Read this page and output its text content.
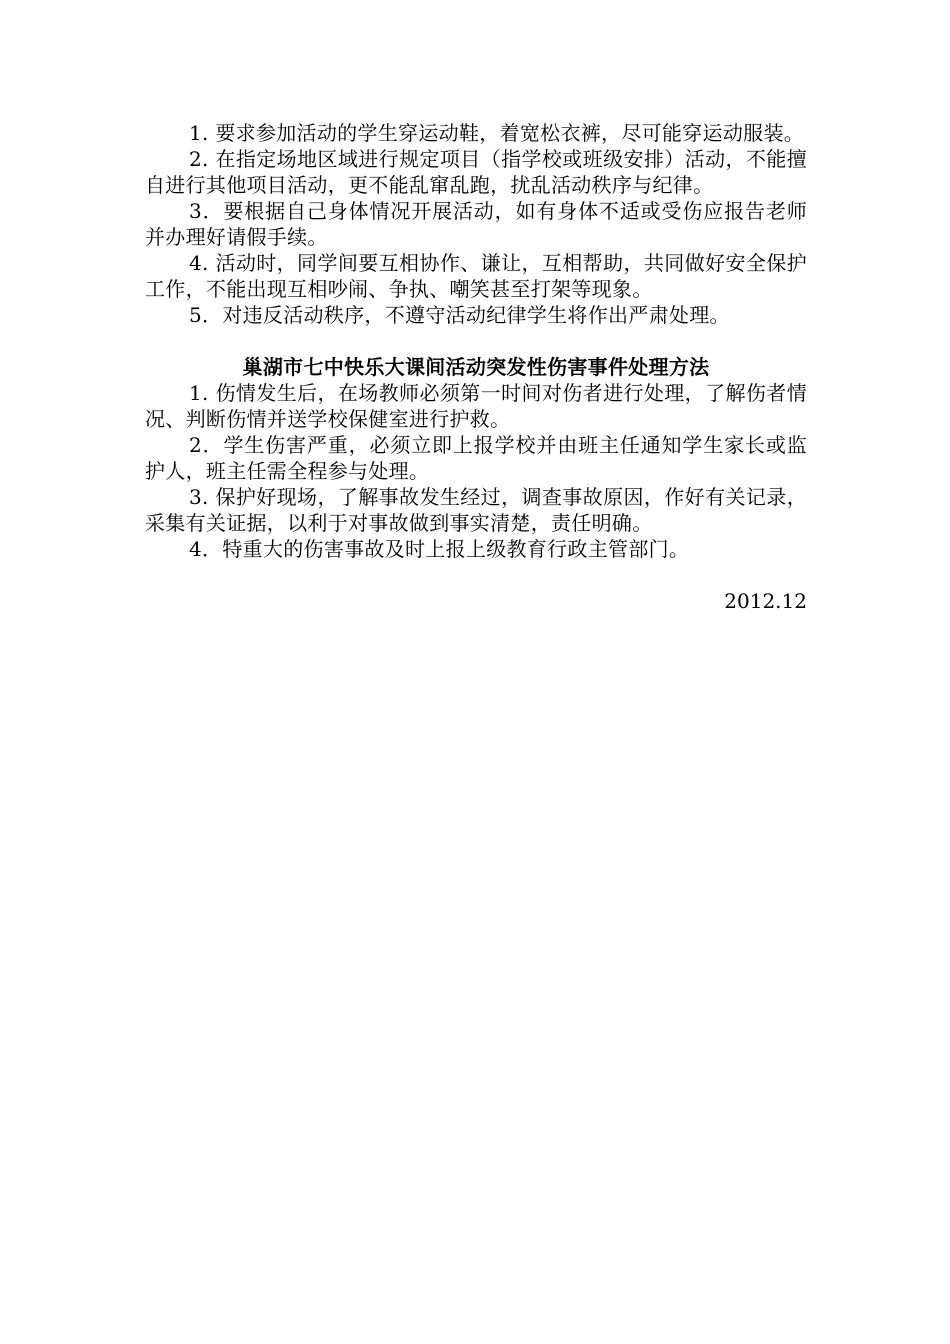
1. 要求参加活动的学生穿运动鞋，着宽松衣裤，尽可能穿运动服装。

2. 在指定场地区域进行规定项目（指学校或班级安排）活动，不能擅自进行其他项目活动，更不能乱窜乱跑，扰乱活动秩序与纪律。

3．要根据自己身体情况开展活动，如有身体不适或受伤应报告老师并办理好请假手续。

4. 活动时，同学间要互相协作、谦让，互相帮助，共同做好安全保护工作，不能出现互相吵闹、争执、嘲笑甚至打架等现象。

5．对违反活动秩序，不遵守活动纪律学生将作出严肃处理。

巢湖市七中快乐大课间活动突发性伤害事件处理方法

1. 伤情发生后，在场教师必须第一时间对伤者进行处理，了解伤者情况、判断伤情并送学校保健室进行护救。

2．学生伤害严重，必须立即上报学校并由班主任通知学生家长或监护人，班主任需全程参与处理。

3. 保护好现场，了解事故发生经过，调查事故原因，作好有关记录，采集有关证据，以利于对事故做到事实清楚，责任明确。

4．特重大的伤害事故及时上报上级教育行政主管部门。

2012.12
